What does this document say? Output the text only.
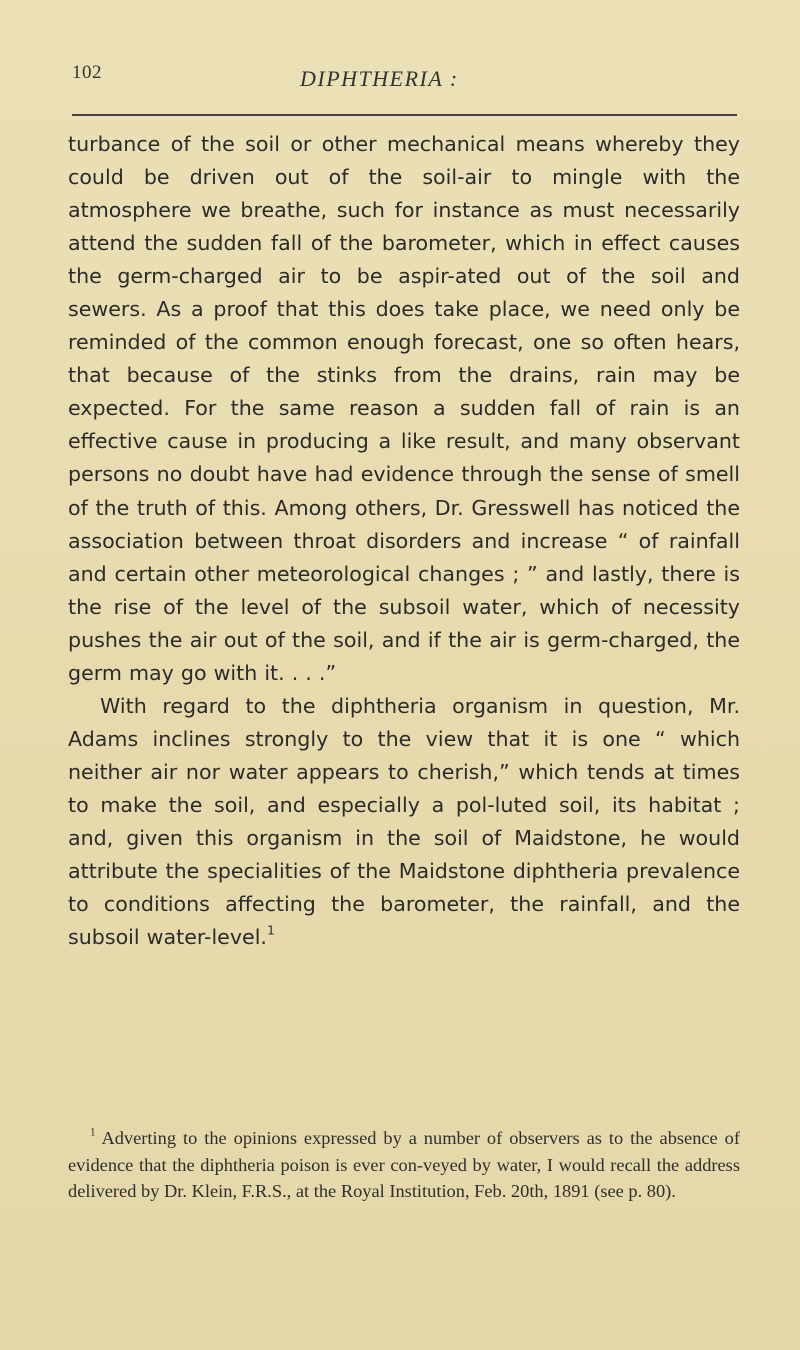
102	DIPHTHERIA :

turbance of the soil or other mechanical means whereby they could be driven out of the soil-air to mingle with the atmosphere we breathe, such for instance as must necessarily attend the sudden fall of the barometer, which in effect causes the germ-charged air to be aspir-ated out of the soil and sewers. As a proof that this does take place, we need only be reminded of the common enough forecast, one so often hears, that because of the stinks from the drains, rain may be expected. For the same reason a sudden fall of rain is an effective cause in producing a like result, and many observant persons no doubt have had evidence through the sense of smell of the truth of this. Among others, Dr. Gresswell has noticed the association between throat disorders and increase “ of rainfall and certain other meteorological changes ; ” and lastly, there is the rise of the level of the subsoil water, which of necessity pushes the air out of the soil, and if the air is germ-charged, the germ may go with it. . . .”

With regard to the diphtheria organism in question, Mr. Adams inclines strongly to the view that it is one “ which neither air nor water appears to cherish,” which tends at times to make the soil, and especially a pol-luted soil, its habitat ; and, given this organism in the soil of Maidstone, he would attribute the specialities of the Maidstone diphtheria prevalence to conditions affecting the barometer, the rainfall, and the subsoil water-level.$^1$

$^1$ Adverting to the opinions expressed by a number of observers as to the absence of evidence that the diphtheria poison is ever con-veyed by water, I would recall the address delivered by Dr. Klein, F.R.S., at the Royal Institution, Feb. 20th, 1891 (see p. 80).
